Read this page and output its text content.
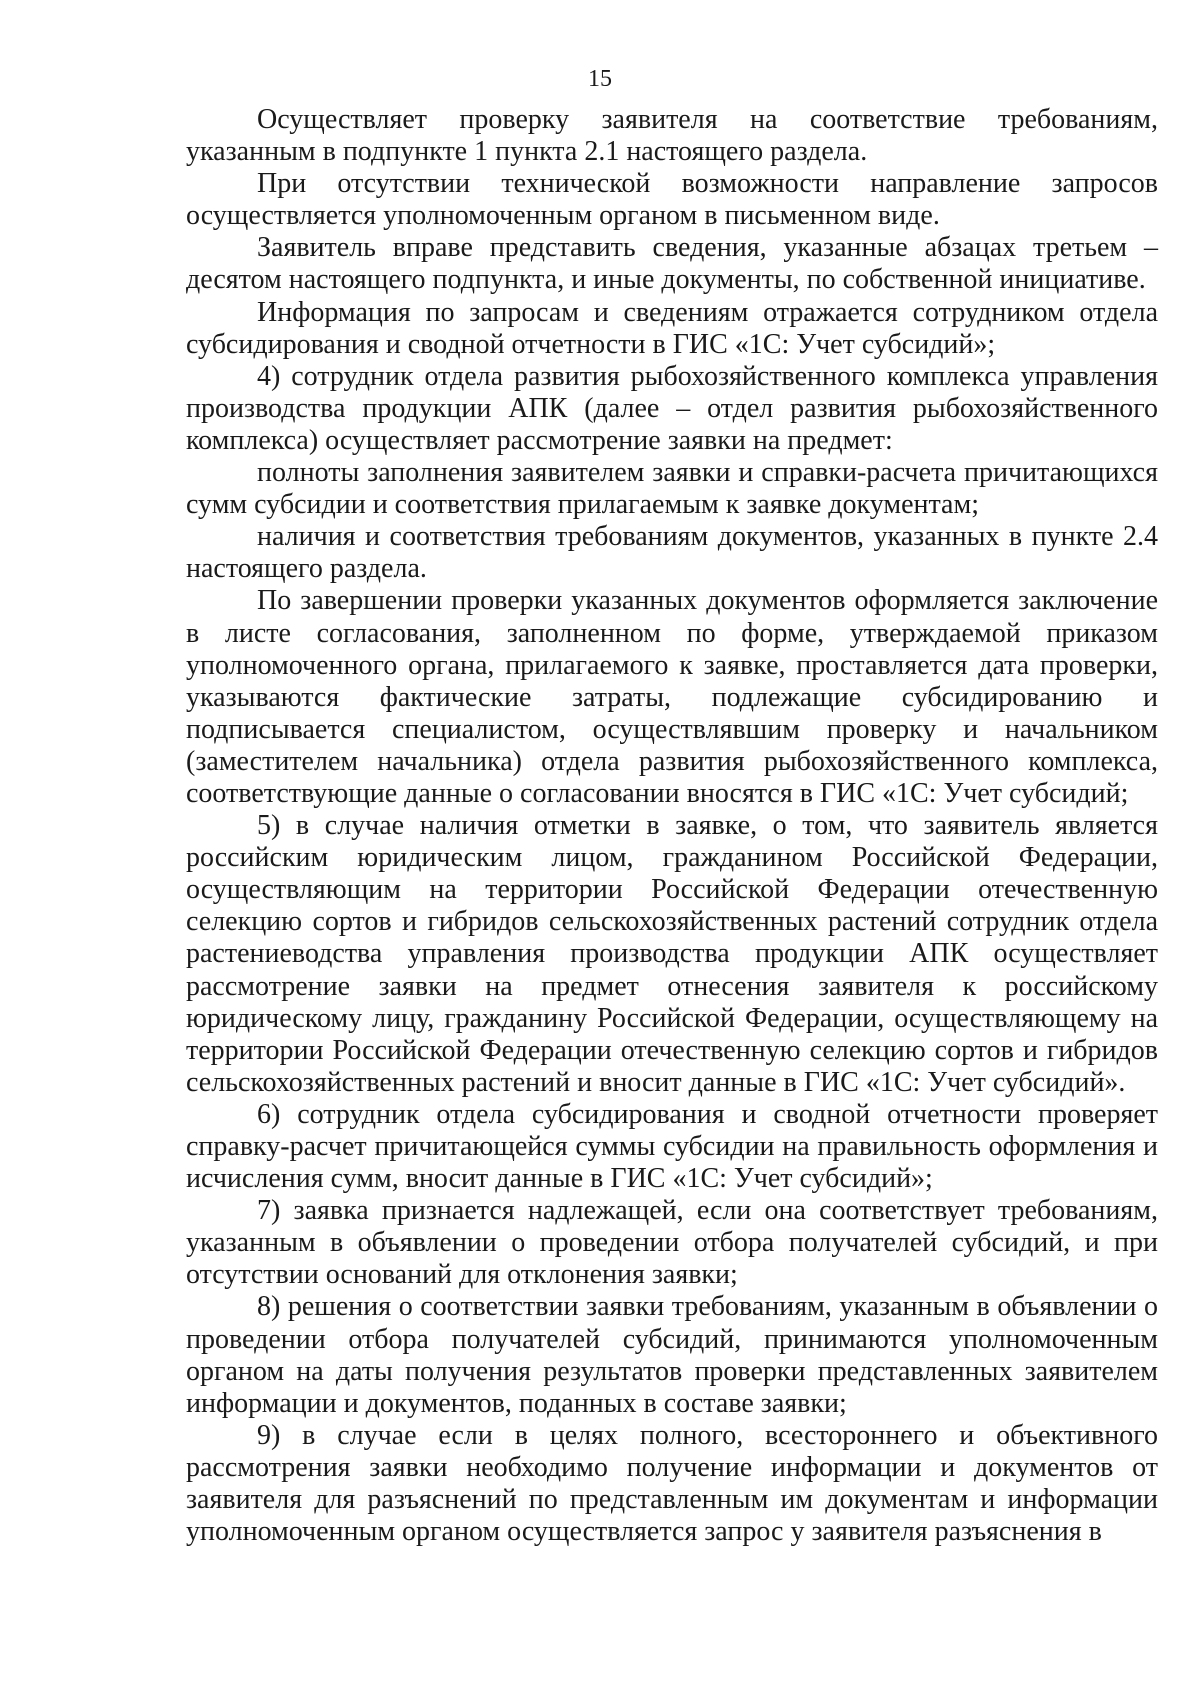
15

Осуществляет проверку заявителя на соответствие требованиям, указанным в подпункте 1 пункта 2.1 настоящего раздела.

При отсутствии технической возможности направление запросов осуществляется уполномоченным органом в письменном виде.

Заявитель вправе представить сведения, указанные абзацах третьем – десятом настоящего подпункта, и иные документы, по собственной инициативе.

Информация по запросам и сведениям отражается сотрудником отдела субсидирования и сводной отчетности в ГИС «1С: Учет субсидий»;

4) сотрудник отдела развития рыбохозяйственного комплекса управления производства продукции АПК (далее – отдел развития рыбохозяйственного комплекса) осуществляет рассмотрение заявки на предмет:

полноты заполнения заявителем заявки и справки-расчета причитающихся сумм субсидии и соответствия прилагаемым к заявке документам;

наличия и соответствия требованиям документов, указанных в пункте 2.4 настоящего раздела.

По завершении проверки указанных документов оформляется заключение в листе согласования, заполненном по форме, утверждаемой приказом уполномоченного органа, прилагаемого к заявке, проставляется дата проверки, указываются фактические затраты, подлежащие субсидированию и подписывается специалистом, осуществлявшим проверку и начальником (заместителем начальника) отдела развития рыбохозяйственного комплекса, соответствующие данные о согласовании вносятся в ГИС «1С: Учет субсидий;

5) в случае наличия отметки в заявке, о том, что заявитель является российским юридическим лицом, гражданином Российской Федерации, осуществляющим на территории Российской Федерации отечественную селекцию сортов и гибридов сельскохозяйственных растений сотрудник отдела растениеводства управления производства продукции АПК осуществляет рассмотрение заявки на предмет отнесения заявителя к российскому юридическому лицу, гражданину Российской Федерации, осуществляющему на территории Российской Федерации отечественную селекцию сортов и гибридов сельскохозяйственных растений и вносит данные в ГИС «1С: Учет субсидий».

6) сотрудник отдела субсидирования и сводной отчетности проверяет справку-расчет причитающейся суммы субсидии на правильность оформления и исчисления сумм, вносит данные в ГИС «1С: Учет субсидий»;

7) заявка признается надлежащей, если она соответствует требованиям, указанным в объявлении о проведении отбора получателей субсидий, и при отсутствии оснований для отклонения заявки;

8) решения о соответствии заявки требованиям, указанным в объявлении о проведении отбора получателей субсидий, принимаются уполномоченным органом на даты получения результатов проверки представленных заявителем информации и документов, поданных в составе заявки;

9) в случае если в целях полного, всестороннего и объективного рассмотрения заявки необходимо получение информации и документов от заявителя для разъяснений по представленным им документам и информации уполномоченным органом осуществляется запрос у заявителя разъяснения в
